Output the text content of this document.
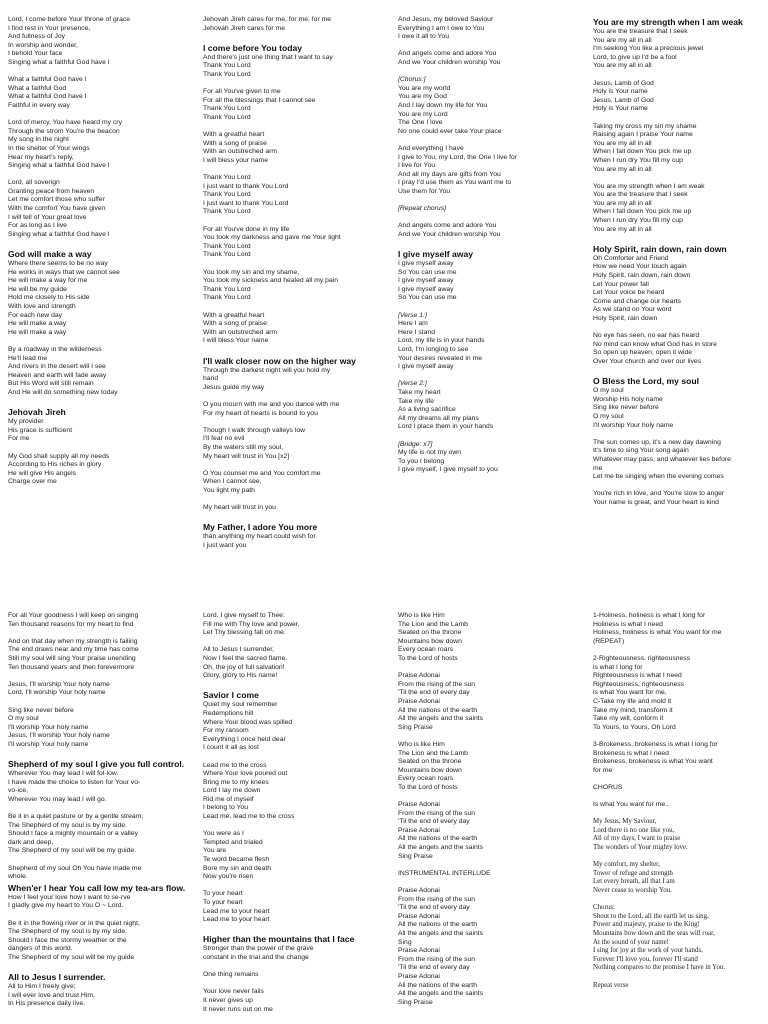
Lord, I come before Your throne of grace
I find rest in Your presence,
And fullness of Joy
In worship and wonder,
I behold Your face
Singing what a faithful God have I
What a faithful God have I
What a faithful God
What a faithful God have I
Faithful in every way
Lord of mercy, You have heard my cry
Through the strom You're the beacon
My song in the night
In the shelter of Your wings
Hear my heart's reply,
Singing what a faithful God have I
Lord, all soverign
Granting peace from heaven
Let me comfort those who suffer
With the comfort You have given
I will tell of Your great love
For as long as I live
Singing what a faithful God have I
God will make a way
Where there seems to be no way
He works in ways that we cannot see
He will make a way for me
He will be my guide
Hold me closely to His side
With love and strength
For each new day
He will make a way
He will make a way
By a roadway in the wilderness
He'll lead me
And rivers in the desert will I see
Heaven and earth will fade away
But His Word will still remain
And He will do something new today
Jehovah Jireh
My provider
His grace is sufficient
For me
My God shall supply all my needs
According to His riches in glory
He will give His angels
Charge over me
Jehovah Jireh cares for me, for me, for me
Jehovah Jireh cares for me
I come before You today
And there's just one thing that I want to say
Thank You Lord
Thank You Lord
For all You've given to me
For all the blessings that I cannot see
Thank You Lord
Thank You Lord
With a greatful heart
With a song of praise
With an outstreched arm
I will bless your name
Thank You Lord
I just want to thank You Lord
Thank You Lord
I just want to thank You Lord
Thank You Lord
For all You've done in my life
You took my darkness and gave me Your light
Thank You Lord
Thank You Lord
You took my sin and my shame,
You took my sickness and healed all my pain
Thank You Lord
Thank You Lord
With a greatful heart
With a song of praise
With an outstreched arm
I will bless Your name
I'll walk closer now on the higher way
Through the darkest night will you hold my
hand
Jesus guide my way
O you mourn with me and you dance with me
For my heart of hearts is bound to you
Though I walk through valleys low
I'll fear no evil
By the waters still my soul,
My heart will trust in You [x2]
O You counsel me and You comfort me
When I cannot see,
You light my path
My heart will trust in you
My Father, I adore You more
than anything my heart could wish for
I just want you
And Jesus, my beloved Saviour
Everything I am I owe to You
I owe it all to You
And angels come and adore You
And we Your children worship You
[Chorus:]
You are my world
You are my God
And I lay down my life for You
You are my Lord
The One I love
No one could ever take Your place
And everything I have
I give to You, my Lord, the One I live for
I live for You
And all my days are gifts from You
I pray I'd use them as You want me to
Use them for You
[Repeat chorus]
And angels come and adore You
And we Your children worship You
I give myself away
I give myself away
So You can use me
I give myself away
I give myself away
So You can use me
[Verse 1:]
Here I am
Here I stand
Lord, my life is in your hands
Lord, I'm longing to see
Your desires revealed in me
I give myself away
[Verse 2:]
Take my heart
Take my life
As a living sacrifice
All my dreams all my plans
Lord I place them in your hands
[Bridge: x7]
My life is not my own
To you I belong
I give myself, I give myself to you
You are my strength when I am weak
You are the treasure that I seek
You are my all in all
I'm seeking You like a precious jewel
Lord, to give up I'd be a fool
You are my all in all
Jesus, Lamb of God
Holy is Your name
Jesus, Lamb of God
Holy is Your name
Taking my cross my sin my shame
Raising again I praise Your name
You are my all in all
When I fall down You pick me up
When I run dry You fill my cup
You are my all in all
You are my strength when I am weak
You are the treasure that I seek
You are my all in all
When I fall down You pick me up
When I run dry You fill my cup
You are my all in all
Holy Spirit, rain down, rain down
Oh Comforter and Friend
How we need Your touch again
Holy Spirit, rain down, rain down
Let Your power fall
Let Your voice be heard
Come and change our hearts
As we stand on Your word
Holy Spirit, rain down
No eye has seen, no ear has heard
No mind can know what God has in store
So open up heaven, open it wide
Over Your church and over our lives
O Bless the Lord, my soul
O my soul
Worship His holy name
Sing like never before
O my soul
I'll worship Your holy name
The sun comes up, it's a new day dawning
It's time to sing Your song again
Whatever may pass, and whatever lies before
me
Let me be singing when the evening comes
You're rich in love, and You're slow to anger
Your name is great, and Your heart is kind
For all Your goodness I will keep on singing
Ten thousand reasons for my heart to find
And on that day when my strength is failing
The end draws near and my time has come
Still my soul will sing Your praise unending
Ten thousand years and then forevermore
Jesus, I'll worship Your holy name
Lord, I'll worship Your holy name
Sing like never before
O my soul
I'll worship Your holy name
Jesus, I'll worship Your holy name
I'll worship Your holy name
Shepherd of my soul I give you full control.
Wherever You may lead I will fol-low.
I have made the choice to listen for Your vo-
vo-ice,
Wherever You may lead I will go.
Be it in a quiet pasture or by a gentle stream,
The Shepherd of my soul is by my side.
Should I face a mighty mountain or a valley
dark and deep,
The Shepherd of my soul will be my guide.
Shepherd of my soul Oh You have made me
whole.
When'er I hear You call low my tea-ars flow.
How I feel your love how I want to se-rve
I gladly give my heart to You O ~ Lord.
Be it in the flowing river or in the quiet night,
The Shepherd of my soul is by my side.
Should I face the stormy weather or the
dangers of this world.
The Shepherd of my soul will be my guide
All to Jesus I surrender.
All to Him I freely give;
I will ever love and trust Him,
In His presence daily live.
Lord, I give myself to Thee:
Fill me with Thy love and power,
Let Thy blessing fall on me.
All to Jesus I surrender,
Now I feel the sacred flame.
Oh, the joy of full salvation!
Glory, glory to His name!
Savior I come
Quiet my soul remember
Redemptions hill
Where Your blood was spilled
For my ransom
Everything I once held dear
I count it all as lost
Lead me to the cross
Where Your love poured out
Bring me to my knees
Lord I lay me down
Rid me of myself
I belong to You
Lead me, lead me to the cross
You were as I
Tempted and trialed
You are
Te word became flesh
Bore my sin and death
Now you're risen
To your heart
To your heart
Lead me to your heart
Lead me to your heart
Higher than the mountains that I face
Stronger than the power of the grave
constant in the trial and the change
One thing remains
Your love never fails
It never gives up
It never runs out on me
Who is like Him
The Lion and the Lamb
Seated on the throne
Mountains bow down
Every ocean roars
To the Lord of hosts
Praise Adonai
From the rising of the sun
'Til the end of every day
Praise Adonai
All the nations of the earth
All the angels and the saints
Sing Praise
Who is like Him
The Lion and the Lamb
Seated on the throne
Mountains bow down
Every ocean roars
To the Lord of hosts
Praise Adonai
From the rising of the sun
'Til the end of every day
Praise Adonai
All the nations of the earth
All the angels and the saints
Sing Praise
INSTRUMENTAL INTERLUDE
Praise Adonai
From the rising of the sun
'Til the end of every day
Praise Adonai
All the nations of the earth
All the angels and the saints
Sing
Praise Adonai
From the rising of the sun
'Til the end of every day
Praise Adonai
All the nations of the earth
All the angels and the saints
Sing Praise
1-Holiness, holiness is what I long for
Holiness is what I need
Holiness, holiness is what You want for me
(REPEAT)
2-Righteousness, righteousness
is what I long for
Righteousness is what I need
Righteousness, righteousness
is what You want for me,
C-Take my life and mold it
Take my mind, transform it
Take my will, conform it
To Yours, to Yours, Oh Lord
3-Brokeness, brokeness is what I long for
Brokeness is what I need
Brokeness, brokeness is what You want
for me
CHORUS
Is what You want for me..
My Jesus, My Saviour,
Lord there is no one like you,
All of my days, I want to praise
The wonders of Your mighty love.
My comfort, my shelter,
Tower of refuge and strength
Let every breath, all that I am
Never cease to worship You.
Chorus:
Shout to the Lord, all the earth let us sing,
Power and majesty, praise to the King!
Mountains bow down and the seas will roar,
At the sound of your name!
I sing for joy at the work of your hands,
Forever I'll love you, forever I'll stand
Nothing compares to the promise I have in You.
Repeat verse
